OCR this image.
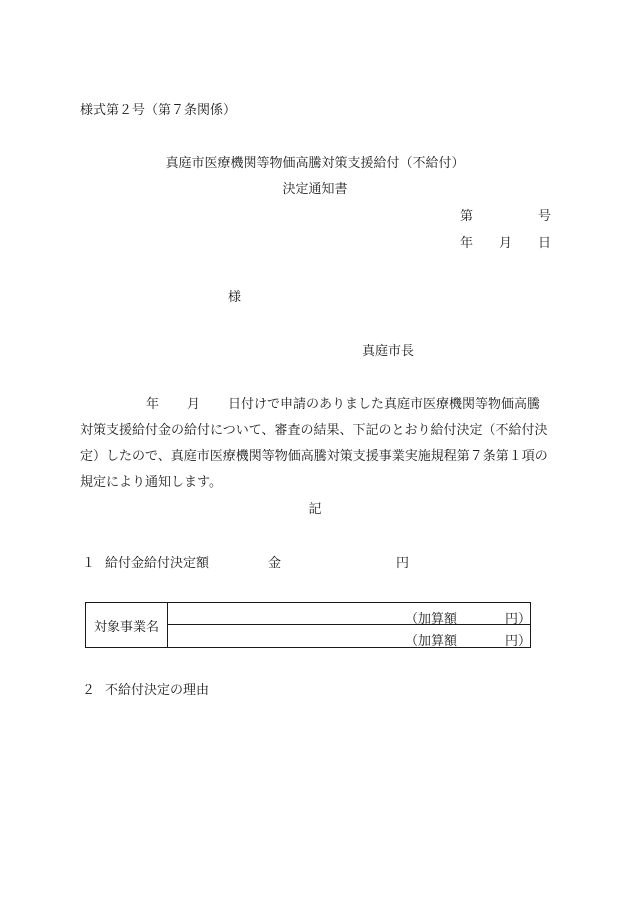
様式第２号（第７条関係）
真庭市医療機関等物価高騰対策支援給付（不給付）
決定通知書
第	号
年 月 日
様
真庭市長
年 月 日付けで申請のありました真庭市医療機関等物価高騰
対策支援給付金の給付について、審査の結果、下記のとおり給付決定（不給付決
定）したので、真庭市医療機関等物価高騰対策支援事業実施規程第７条第１項の
規定により通知します。
記
１ 給付金給付決定額	金	円
対象事業名	（加算額	円）
（加算額	円）
２ 不給付決定の理由
